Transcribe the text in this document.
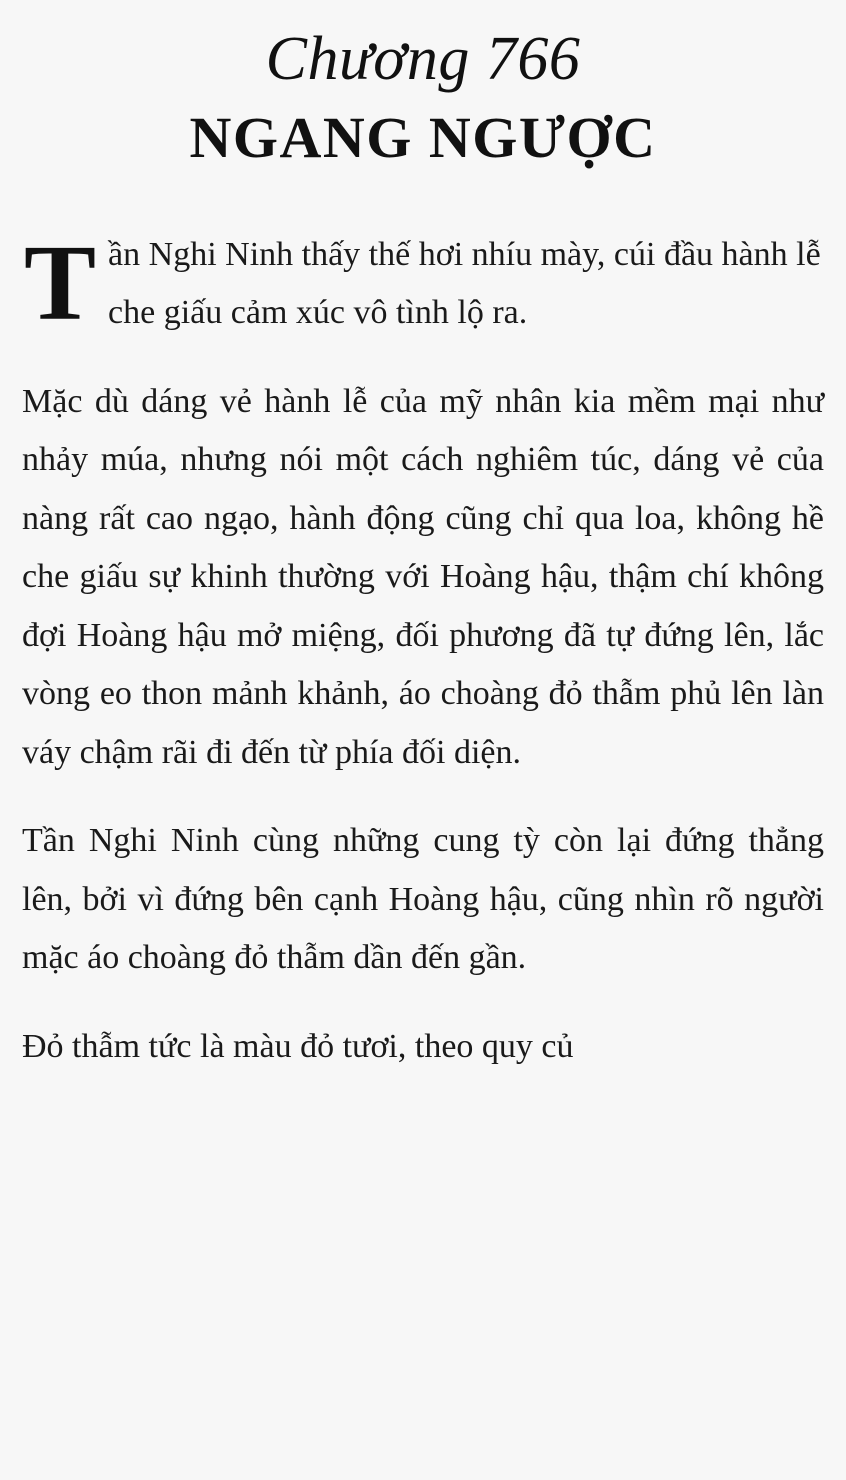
Chương 766
NGANG NGƯỢC

Tần Nghi Ninh thấy thế hơi nhíu mày, cúi đầu hành lễ che giấu cảm xúc vô tình lộ ra.

Mặc dù dáng vẻ hành lễ của mỹ nhân kia mềm mại như nhảy múa, nhưng nói một cách nghiêm túc, dáng vẻ của nàng rất cao ngạo, hành động cũng chỉ qua loa, không hề che giấu sự khinh thường với Hoàng hậu, thậm chí không đợi Hoàng hậu mở miệng, đối phương đã tự đứng lên, lắc vòng eo thon mảnh khảnh, áo choàng đỏ thẫm phủ lên làn váy chậm rãi đi đến từ phía đối diện.

Tần Nghi Ninh cùng những cung tỳ còn lại đứng thẳng lên, bởi vì đứng bên cạnh Hoàng hậu, cũng nhìn rõ người mặc áo choàng đỏ thẫm dần đến gần.

Đỏ thẫm tức là màu đỏ tươi, theo quy củ
